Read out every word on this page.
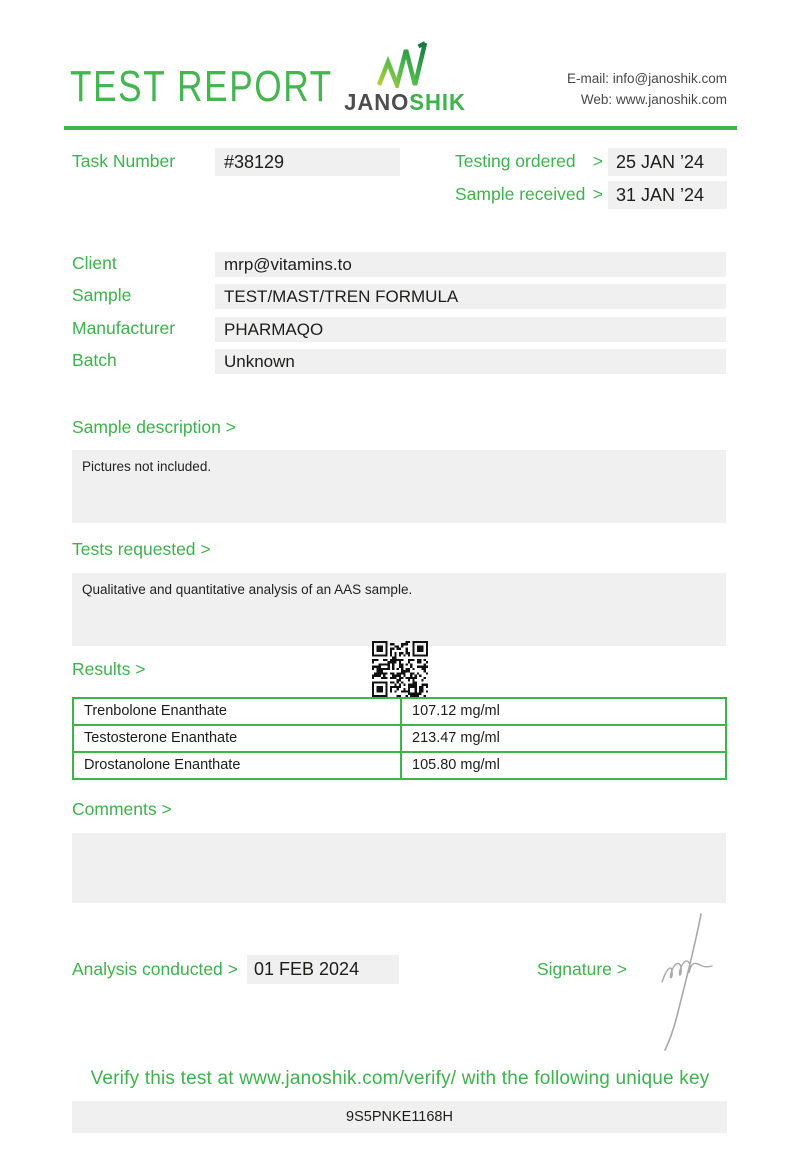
TEST REPORT JANOSHIK
E-mail: info@janoshik.com
Web: www.janoshik.com
Task Number	#38129	Testing ordered > 25 JAN ’24
Sample received > 31 JAN ’24
Client	mrp@vitamins.to
Sample	TEST/MAST/TREN FORMULA
Manufacturer	PHARMAQO
Batch	Unknown
Sample description >
Pictures not included.
Tests requested >
Qualitative and quantitative analysis of an AAS sample.
Results >
Trenbolone Enanthate	107.12 mg/ml
Testosterone Enanthate	213.47 mg/ml
Drostanolone Enanthate	105.80 mg/ml
Comments >
Analysis conducted > 01 FEB 2024	Signature >
Verify this test at www.janoshik.com/verify/ with the following unique key
9S5PNKE1168H
